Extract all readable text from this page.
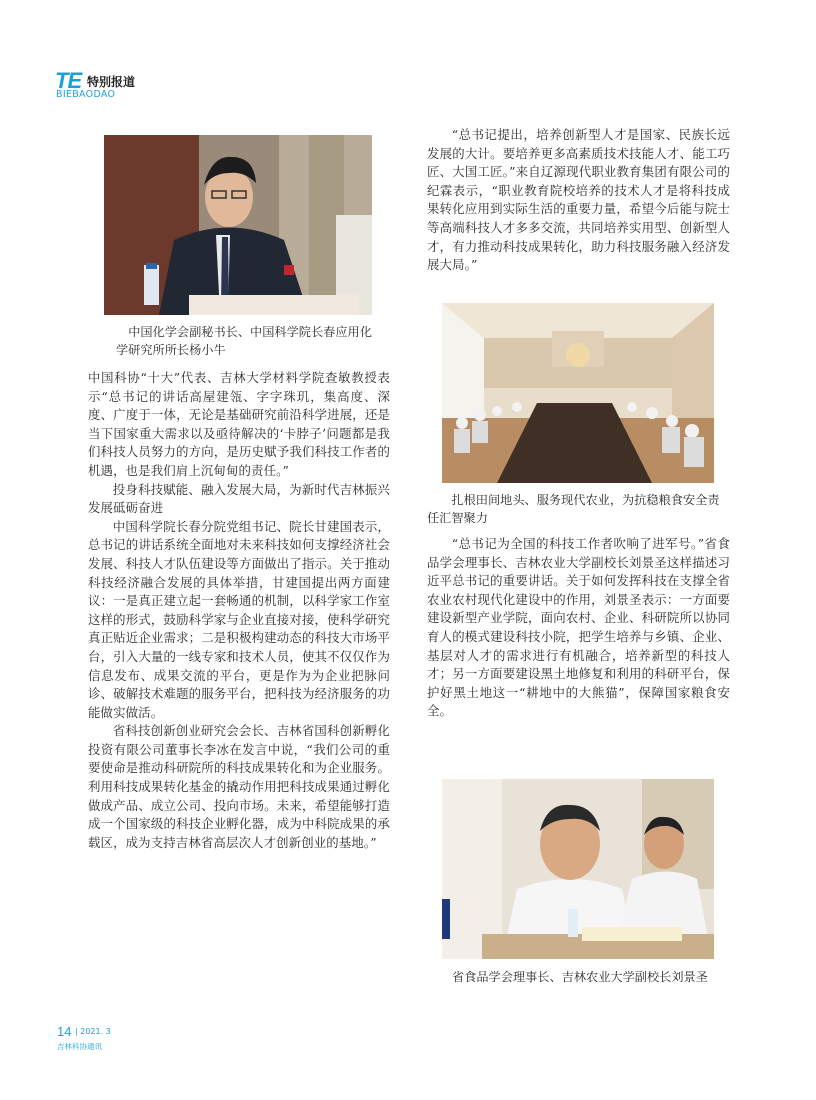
TE 特别报道
BIEBAODAO
中国化学会副秘书长、中国科学院长春应用化学研究所所长杨小牛

中国科协“十大”代表、吉林大学材料学院查敏教授表示“总书记的讲话高屋建瓴、字字珠玑，集高度、深度、广度于一体，无论是基础研究前沿科学进展，还是当下国家重大需求以及亟待解决的‘卡脖子’问题都是我们科技人员努力的方向，是历史赋予我们科技工作者的机遇，也是我们肩上沉甸甸的责任。”

投身科技赋能、融入发展大局，为新时代吉林振兴发展砥砺奋进

中国科学院长春分院党组书记、院长甘建国表示，总书记的讲话系统全面地对未来科技如何支撑经济社会发展、科技人才队伍建设等方面做出了指示。关于推动科技经济融合发展的具体举措，甘建国提出两方面建议：一是真正建立起一套畅通的机制，以科学家工作室这样的形式，鼓励科学家与企业直接对接，使科学研究真正贴近企业需求；二是积极构建动态的科技大市场平台，引入大量的一线专家和技术人员，使其不仅仅作为信息发布、成果交流的平台，更是作为为企业把脉问诊、破解技术难题的服务平台，把科技为经济服务的功能做实做活。

省科技创新创业研究会会长、吉林省国科创新孵化投资有限公司董事长李冰在发言中说，“我们公司的重要使命是推动科研院所的科技成果转化和为企业服务。利用科技成果转化基金的撬动作用把科技成果通过孵化做成产品、成立公司、投向市场。未来，希望能够打造成一个国家级的科技企业孵化器，成为中科院成果的承载区，成为支持吉林省高层次人才创新创业的基地。”

“总书记提出，培养创新型人才是国家、民族长远发展的大计。要培养更多高素质技术技能人才、能工巧匠、大国工匠。”来自辽源现代职业教育集团有限公司的纪霖表示，“职业教育院校培养的技术人才是将科技成果转化应用到实际生活的重要力量，希望今后能与院士等高端科技人才多多交流，共同培养实用型、创新型人才，有力推动科技成果转化，助力科技服务融入经济发展大局。”

扎根田间地头、服务现代农业，为抗稳粮食安全责任汇智聚力

“总书记为全国的科技工作者吹响了进军号。”省食品学会理事长、吉林农业大学副校长刘景圣这样描述习近平总书记的重要讲话。关于如何发挥科技在支撑全省农业农村现代化建设中的作用，刘景圣表示：一方面要建设新型产业学院，面向农村、企业、科研院所以协同育人的模式建设科技小院，把学生培养与乡镇、企业、基层对人才的需求进行有机融合，培养新型的科技人才；另一方面要建设黑土地修复和利用的科研平台，保护好黑土地这一“耕地中的大熊猫”，保障国家粮食安全。

省食品学会理事长、吉林农业大学副校长刘景圣
14 | 2021. 3
吉林科协通讯
